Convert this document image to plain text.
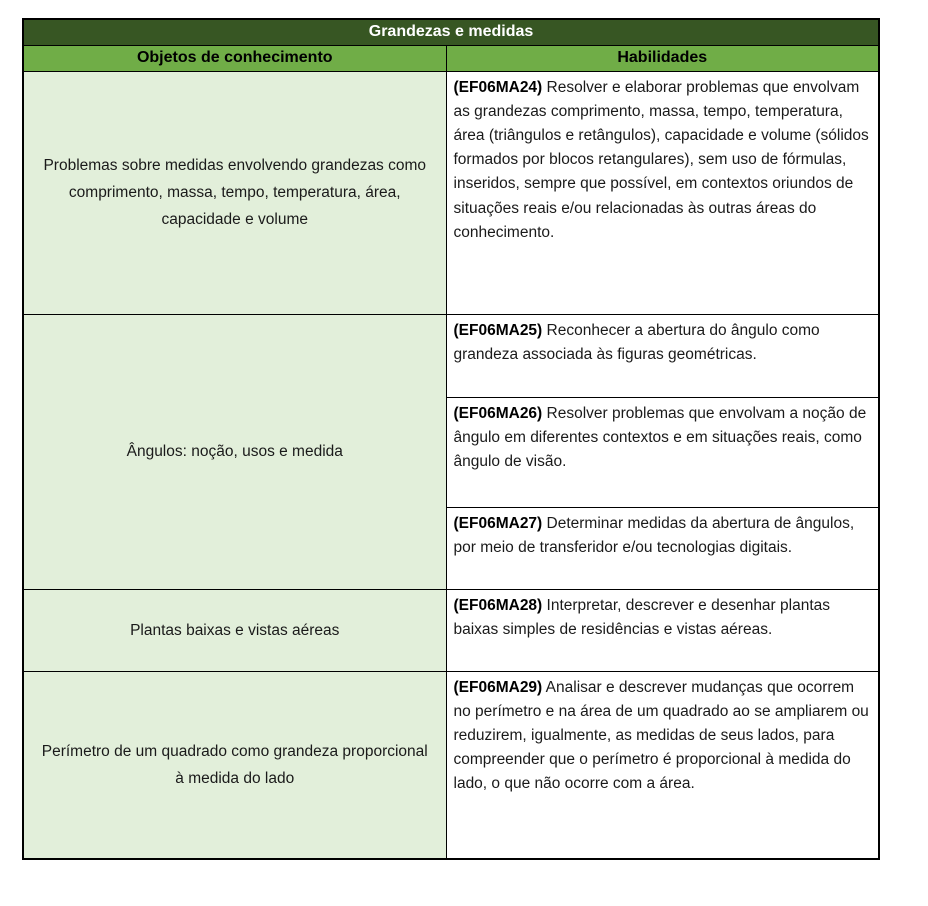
Grandezas e medidas	
Objetos de conhecimento	Habilidades
Problemas sobre medidas envolvendo grandezas como comprimento, massa, tempo, temperatura, área, capacidade e volume	(EF06MA24) Resolver e elaborar problemas que envolvam as grandezas comprimento, massa, tempo, temperatura, área (triângulos e retângulos), capacidade e volume (sólidos formados por blocos retangulares), sem uso de fórmulas, inseridos, sempre que possível, em contextos oriundos de situações reais e/ou relacionadas às outras áreas do conhecimento.
Ângulos: noção, usos e medida	(EF06MA25) Reconhecer a abertura do ângulo como grandeza associada às figuras geométricas.
	(EF06MA26) Resolver problemas que envolvam a noção de ângulo em diferentes contextos e em situações reais, como ângulo de visão.
	(EF06MA27) Determinar medidas da abertura de ângulos, por meio de transferidor e/ou tecnologias digitais.
Plantas baixas e vistas aéreas	(EF06MA28) Interpretar, descrever e desenhar plantas baixas simples de residências e vistas aéreas.
Perímetro de um quadrado como grandeza proporcional à medida do lado	(EF06MA29) Analisar e descrever mudanças que ocorrem no perímetro e na área de um quadrado ao se ampliarem ou reduzirem, igualmente, as medidas de seus lados, para compreender que o perímetro é proporcional à medida do lado, o que não ocorre com a área.
